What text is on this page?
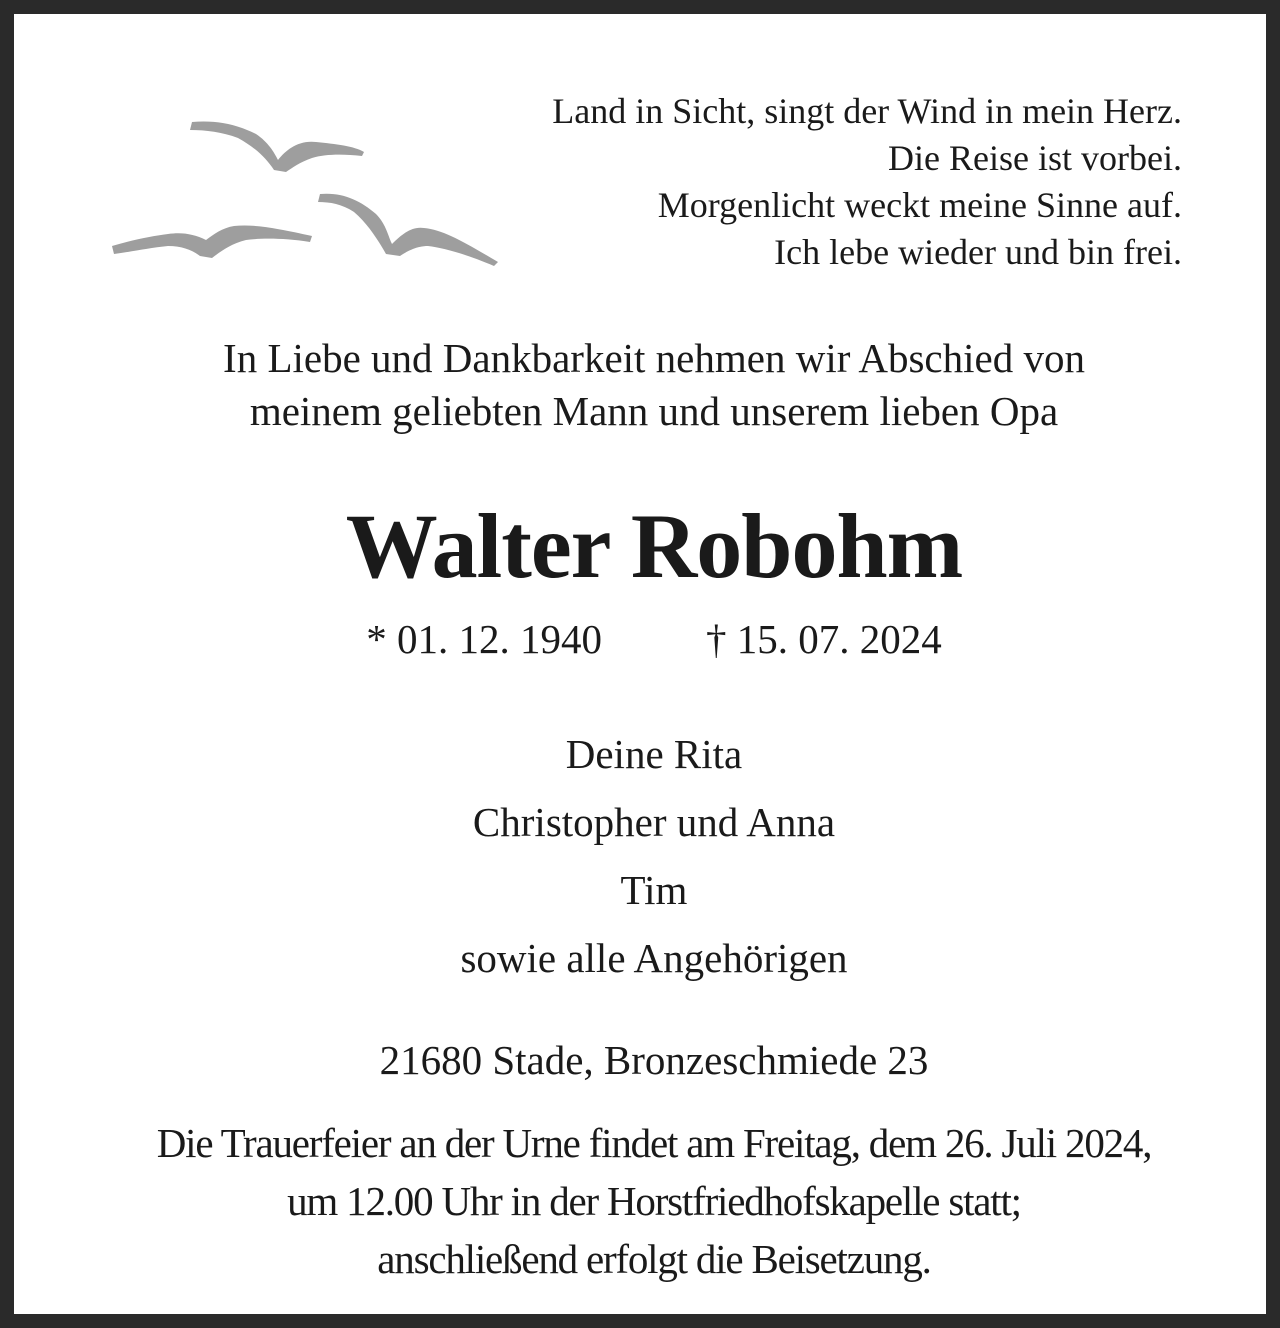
Land in Sicht, singt der Wind in mein Herz.
Die Reise ist vorbei.
Morgenlicht weckt meine Sinne auf.
Ich lebe wieder und bin frei.
In Liebe und Dankbarkeit nehmen wir Abschied von
meinem geliebten Mann und unserem lieben Opa
Walter Robohm
* 01. 12. 1940	† 15. 07. 2024
Deine Rita
Christopher und Anna
Tim
sowie alle Angehörigen
21680 Stade, Bronzeschmiede 23
Die Trauerfeier an der Urne findet am Freitag, dem 26. Juli 2024,
um 12.00 Uhr in der Horstfriedhofskapelle statt;
anschließend erfolgt die Beisetzung.
